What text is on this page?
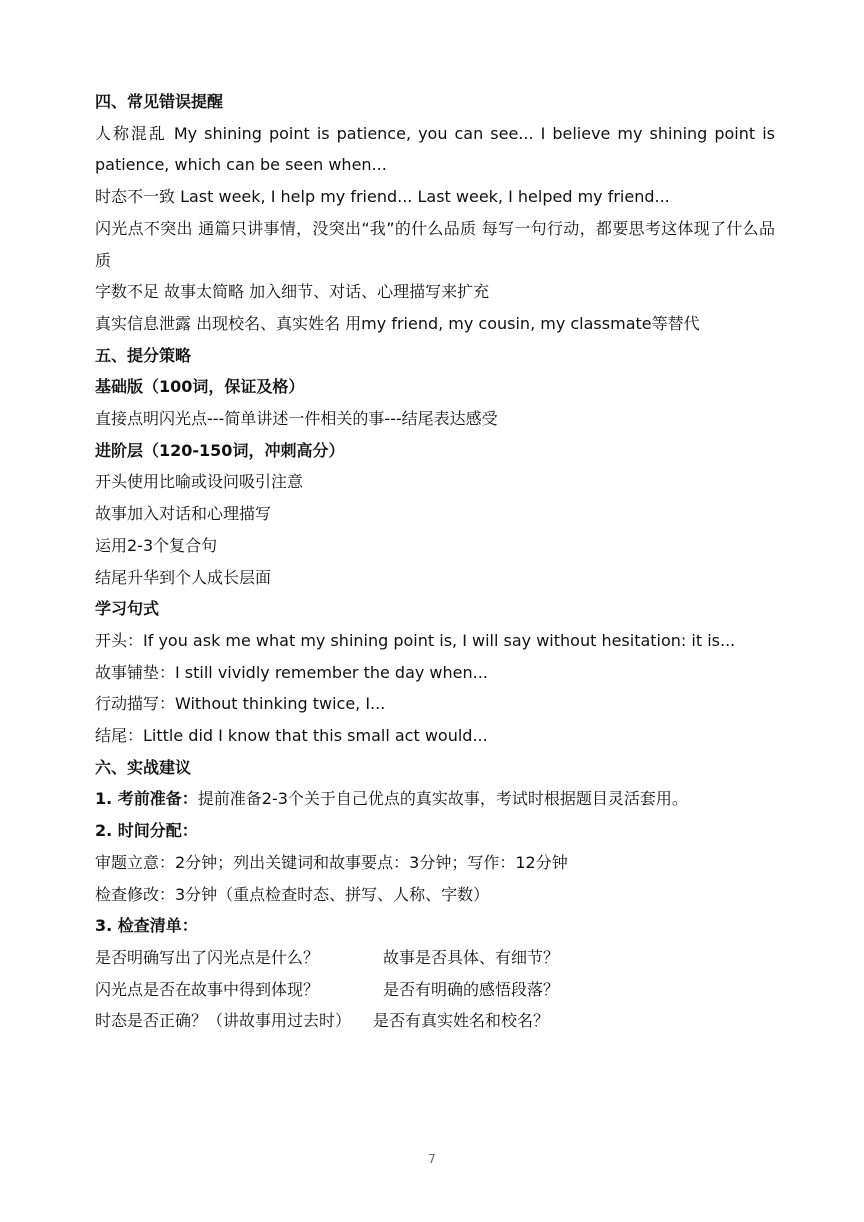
四、常见错误提醒

人称混乱 My shining point is patience, you can see... I believe my shining point is patience, which can be seen when...

时态不一致 Last week, I help my friend... Last week, I helped my friend...

闪光点不突出 通篇只讲事情，没突出“我”的什么品质 每写一句行动，都要思考这体现了什么品质

字数不足 故事太简略 加入细节、对话、心理描写来扩充

真实信息泄露 出现校名、真实姓名 用my friend, my cousin, my classmate等替代

五、提分策略

基础版（100词，保证及格）

直接点明闪光点---简单讲述一件相关的事---结尾表达感受

进阶层（120-150词，冲刺高分）

开头使用比喻或设问吸引注意

故事加入对话和心理描写

运用2-3个复合句

结尾升华到个人成长层面

学习句式

开头：If you ask me what my shining point is, I will say without hesitation: it is...

故事铺垫：I still vividly remember the day when...

行动描写：Without thinking twice, I...

结尾：Little did I know that this small act would...

六、实战建议

1. 考前准备：提前准备2-3个关于自己优点的真实故事，考试时根据题目灵活套用。

2. 时间分配：

审题立意：2分钟；列出关键词和故事要点：3分钟；写作：12分钟

检查修改：3分钟（重点检查时态、拼写、人称、字数）

3. 检查清单：

是否明确写出了闪光点是什么？	故事是否具体、有细节？
闪光点是否在故事中得到体现？	是否有明确的感悟段落？
时态是否正确？（讲故事用过去时）	是否有真实姓名和校名？
7
